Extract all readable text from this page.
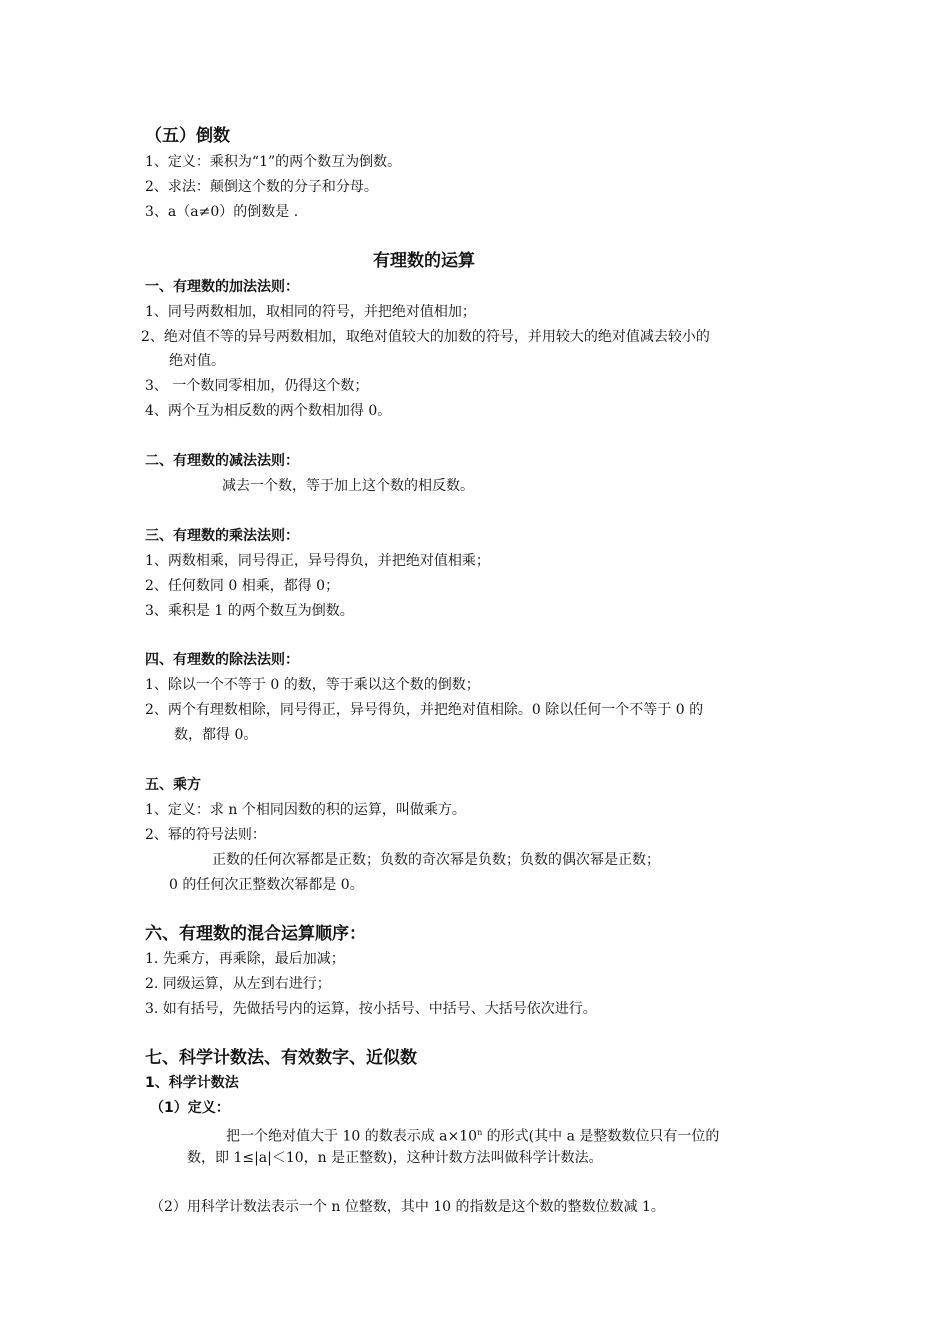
（五）倒数
1、定义：乘积为“1”的两个数互为倒数。
2、求法：颠倒这个数的分子和分母。
3、a（a≠0）的倒数是 .
有理数的运算
一、有理数的加法法则：
1、同号两数相加，取相同的符号，并把绝对值相加；
2、绝对值不等的异号两数相加，取绝对值较大的加数的符号，并用较大的绝对值减去较小的
绝对值。
3、 一个数同零相加，仍得这个数；
4、两个互为相反数的两个数相加得 0。
二、有理数的减法法则：
减去一个数，等于加上这个数的相反数。
三、有理数的乘法法则：
1、两数相乘，同号得正，异号得负，并把绝对值相乘；
2、任何数同 0 相乘，都得 0；
3、乘积是 1 的两个数互为倒数。
四、有理数的除法法则：
1、除以一个不等于 0 的数，等于乘以这个数的倒数；
2、两个有理数相除，同号得正，异号得负，并把绝对值相除。0 除以任何一个不等于 0 的
数，都得 0。
五、乘方
1、定义：求 n 个相同因数的积的运算，叫做乘方。
2、幂的符号法则：
正数的任何次幂都是正数；负数的奇次幂是负数；负数的偶次幂是正数；
0 的任何次正整数次幂都是 0。
六、有理数的混合运算顺序：
1. 先乘方，再乘除，最后加减；
2. 同级运算，从左到右进行；
3. 如有括号，先做括号内的运算，按小括号、中括号、大括号依次进行。
七、科学计数法、有效数字、近似数
1、科学计数法
（1）定义：
把一个绝对值大于 10 的数表示成 $a\times 10^n$ 的形式(其中 a 是整数数位只有一位的
数，即 1≤|a|＜10，n 是正整数)，这种计数方法叫做科学计数法。
（2）用科学计数法表示一个 n 位整数，其中 10 的指数是这个数的整数位数减 1。
